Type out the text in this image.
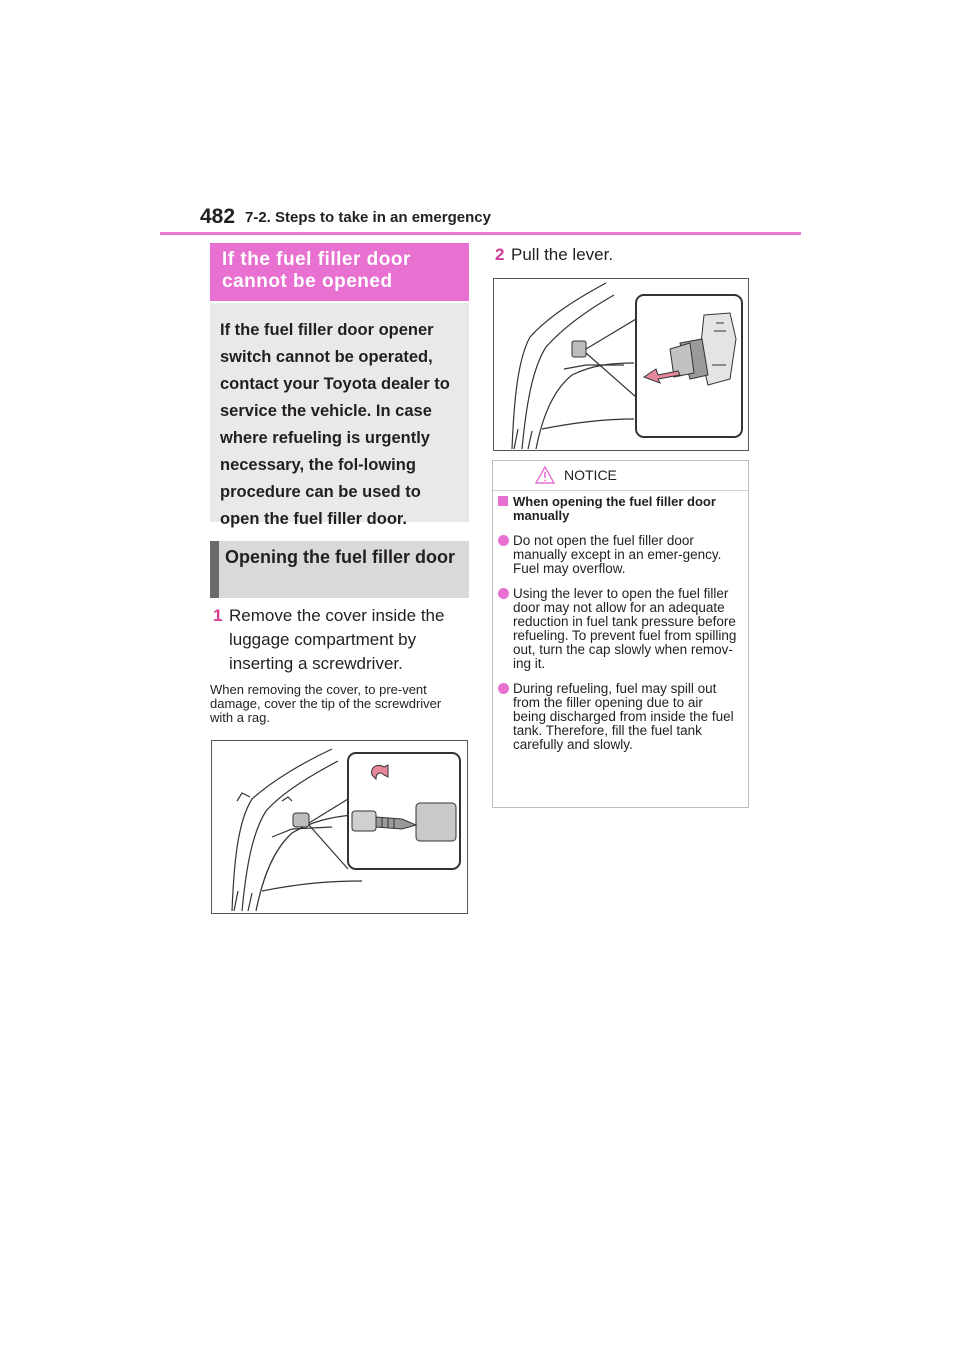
482 7-2. Steps to take in an emergency
If the fuel filler door cannot be opened
If the fuel filler door opener switch cannot be operated, contact your Toyota dealer to service the vehicle. In case where refueling is urgently necessary, the fol-lowing procedure can be used to open the fuel filler door.
Opening the fuel filler door
1 Remove the cover inside the luggage compartment by inserting a screwdriver.
When removing the cover, to pre-vent damage, cover the tip of the screwdriver with a rag.
2 Pull the lever.
NOTICE
When opening the fuel filler door manually
Do not open the fuel filler door manually except in an emer-gency. Fuel may overflow.
Using the lever to open the fuel filler door may not allow for an adequate reduction in fuel tank pressure before refueling. To prevent fuel from spilling out, turn the cap slowly when remov-ing it.
During refueling, fuel may spill out from the filler opening due to air being discharged from inside the fuel tank. Therefore, fill the fuel tank carefully and slowly.
